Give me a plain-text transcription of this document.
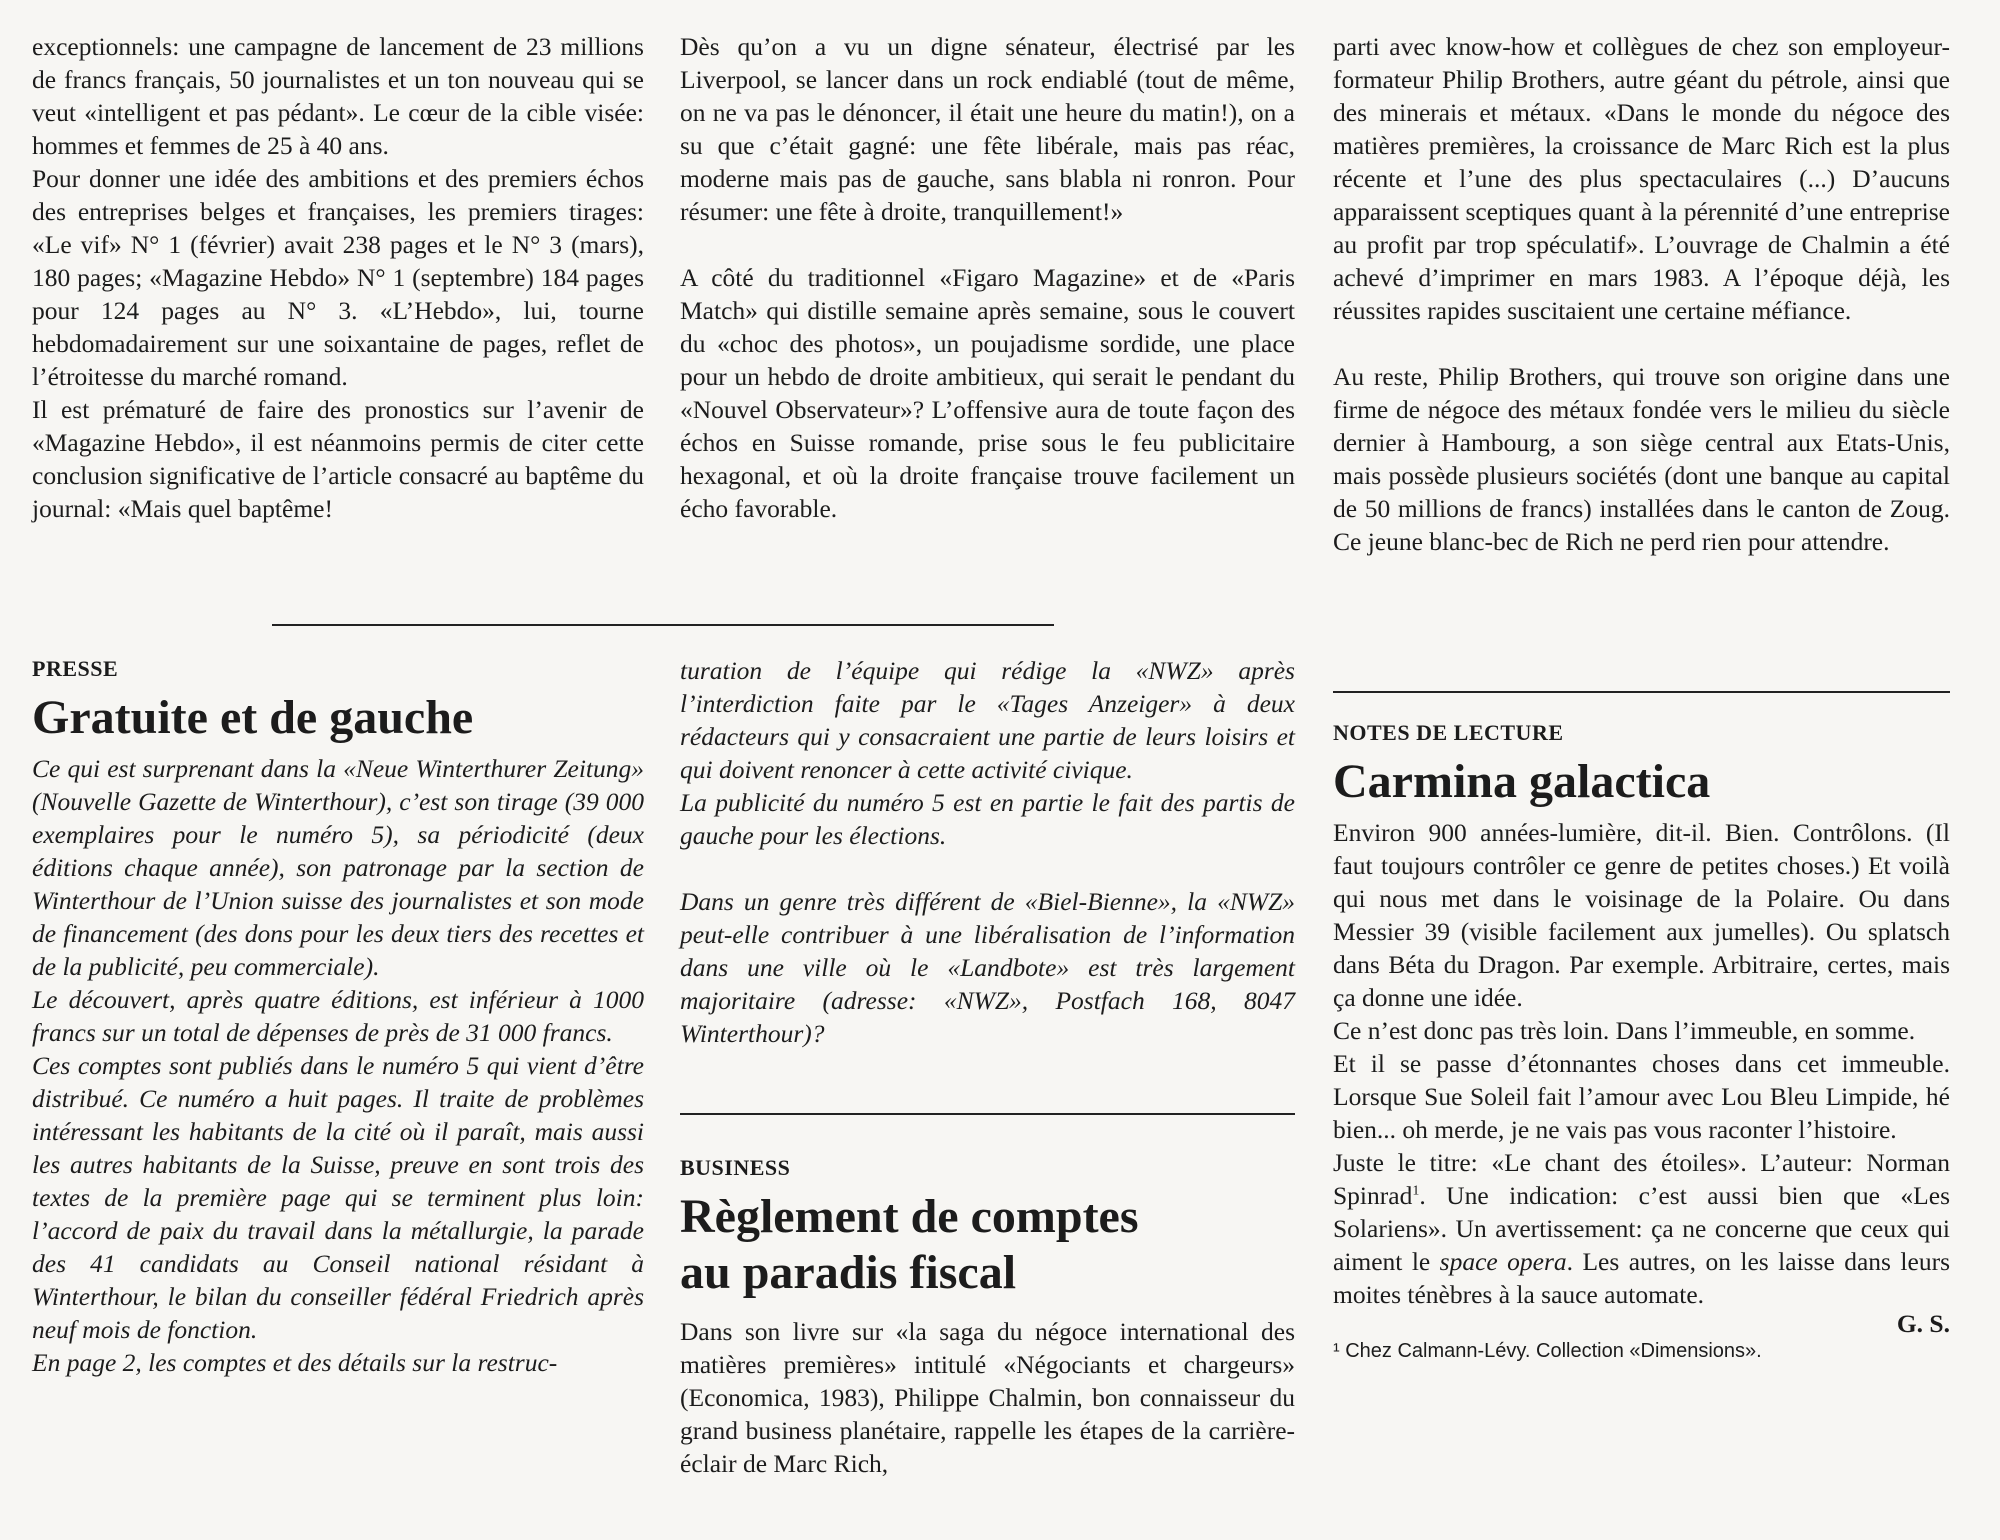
exceptionnels: une campagne de lancement de 23 millions de francs français, 50 journalistes et un ton nouveau qui se veut «intelligent et pas pédant». Le cœur de la cible visée: hommes et femmes de 25 à 40 ans.

Pour donner une idée des ambitions et des premiers échos des entreprises belges et françaises, les premiers tirages: «Le vif» N° 1 (février) avait 238 pages et le N° 3 (mars), 180 pages; «Magazine Hebdo» N° 1 (septembre) 184 pages pour 124 pages au N° 3. «L’Hebdo», lui, tourne hebdomadairement sur une soixantaine de pages, reflet de l’étroitesse du marché romand.

Il est prématuré de faire des pronostics sur l’avenir de «Magazine Hebdo», il est néanmoins permis de citer cette conclusion significative de l’article consacré au baptême du journal: «Mais quel baptême!

Dès qu’on a vu un digne sénateur, électrisé par les Liverpool, se lancer dans un rock endiablé (tout de même, on ne va pas le dénoncer, il était une heure du matin!), on a su que c’était gagné: une fête libérale, mais pas réac, moderne mais pas de gauche, sans blabla ni ronron. Pour résumer: une fête à droite, tranquillement!»

A côté du traditionnel «Figaro Magazine» et de «Paris Match» qui distille semaine après semaine, sous le couvert du «choc des photos», un poujadisme sordide, une place pour un hebdo de droite ambitieux, qui serait le pendant du «Nouvel Observateur»? L’offensive aura de toute façon des échos en Suisse romande, prise sous le feu publicitaire hexagonal, et où la droite française trouve facilement un écho favorable.

parti avec know-how et collègues de chez son employeur-formateur Philip Brothers, autre géant du pétrole, ainsi que des minerais et métaux. «Dans le monde du négoce des matières premières, la croissance de Marc Rich est la plus récente et l’une des plus spectaculaires (...) D’aucuns apparaissent sceptiques quant à la pérennité d’une entreprise au profit par trop spéculatif». L’ouvrage de Chalmin a été achevé d’imprimer en mars 1983. A l’époque déjà, les réussites rapides suscitaient une certaine méfiance.

Au reste, Philip Brothers, qui trouve son origine dans une firme de négoce des métaux fondée vers le milieu du siècle dernier à Hambourg, a son siège central aux Etats-Unis, mais possède plusieurs sociétés (dont une banque au capital de 50 millions de francs) installées dans le canton de Zoug. Ce jeune blanc-bec de Rich ne perd rien pour attendre.

PRESSE

Gratuite et de gauche

Ce qui est surprenant dans la «Neue Winterthurer Zeitung» (Nouvelle Gazette de Winterthour), c’est son tirage (39 000 exemplaires pour le numéro 5), sa périodicité (deux éditions chaque année), son patronage par la section de Winterthour de l’Union suisse des journalistes et son mode de financement (des dons pour les deux tiers des recettes et de la publicité, peu commerciale).

Le découvert, après quatre éditions, est inférieur à 1000 francs sur un total de dépenses de près de 31 000 francs.

Ces comptes sont publiés dans le numéro 5 qui vient d’être distribué. Ce numéro a huit pages. Il traite de problèmes intéressant les habitants de la cité où il paraît, mais aussi les autres habitants de la Suisse, preuve en sont trois des textes de la première page qui se terminent plus loin: l’accord de paix du travail dans la métallurgie, la parade des 41 candidats au Conseil national résidant à Winterthour, le bilan du conseiller fédéral Friedrich après neuf mois de fonction.

En page 2, les comptes et des détails sur la restruc-

turation de l’équipe qui rédige la «NWZ» après l’interdiction faite par le «Tages Anzeiger» à deux rédacteurs qui y consacraient une partie de leurs loisirs et qui doivent renoncer à cette activité civique.

La publicité du numéro 5 est en partie le fait des partis de gauche pour les élections.

Dans un genre très différent de «Biel-Bienne», la «NWZ» peut-elle contribuer à une libéralisation de l’information dans une ville où le «Landbote» est très largement majoritaire (adresse: «NWZ», Postfach 168, 8047 Winterthour)?

BUSINESS

Règlement de comptes
au paradis fiscal

Dans son livre sur «la saga du négoce international des matières premières» intitulé «Négociants et chargeurs» (Economica, 1983), Philippe Chalmin, bon connaisseur du grand business planétaire, rappelle les étapes de la carrière-éclair de Marc Rich,

NOTES DE LECTURE

Carmina galactica

Environ 900 années-lumière, dit-il. Bien. Contrôlons. (Il faut toujours contrôler ce genre de petites choses.) Et voilà qui nous met dans le voisinage de la Polaire. Ou dans Messier 39 (visible facilement aux jumelles). Ou splatsch dans Béta du Dragon. Par exemple. Arbitraire, certes, mais ça donne une idée.

Ce n’est donc pas très loin. Dans l’immeuble, en somme.

Et il se passe d’étonnantes choses dans cet immeuble. Lorsque Sue Soleil fait l’amour avec Lou Bleu Limpide, hé bien... oh merde, je ne vais pas vous raconter l’histoire.

Juste le titre: «Le chant des étoiles». L’auteur: Norman Spinrad$^1$. Une indication: c’est aussi bien que «Les Solariens». Un avertissement: ça ne concerne que ceux qui aiment le space opera. Les autres, on les laisse dans leurs moites ténèbres à la sauce automate.

G. S.

¹ Chez Calmann-Lévy. Collection «Dimensions».
